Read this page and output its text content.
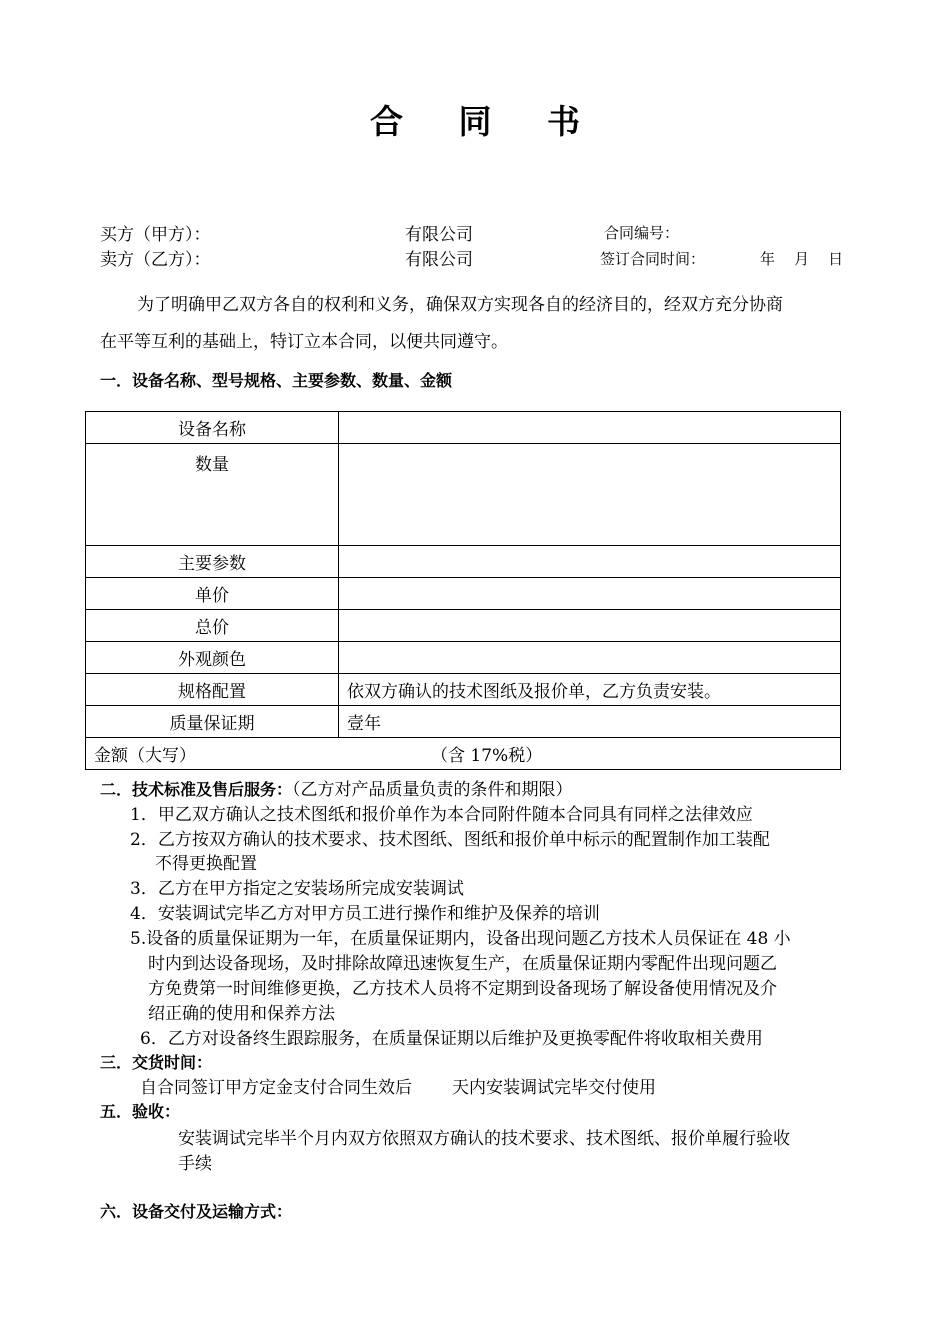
合 同 书
买方（甲方）：	有限公司	合同编号：
卖方（乙方）：	有限公司	签订合同时间：	年    月    日
为了明确甲乙双方各自的权利和义务，确保双方实现各自的经济目的，经双方充分协商
在平等互利的基础上，特订立本合同，以便共同遵守。
一．设备名称、型号规格、主要参数、数量、金额
设备名称	
数量	
主要参数	
单价	
总价	
外观颜色	
规格配置	依双方确认的技术图纸及报价单，乙方负责安装。
质量保证期	壹年
金额（大写） （含 17%税）	
二．技术标准及售后服务：（乙方对产品质量负责的条件和期限）
1．甲乙双方确认之技术图纸和报价单作为本合同附件随本合同具有同样之法律效应
2．乙方按双方确认的技术要求、技术图纸、图纸和报价单中标示的配置制作加工装配
不得更换配置
3．乙方在甲方指定之安装场所完成安装调试
4．安装调试完毕乙方对甲方员工进行操作和维护及保养的培训
5.设备的质量保证期为一年，在质量保证期内，设备出现问题乙方技术人员保证在 48 小
时内到达设备现场，及时排除故障迅速恢复生产，在质量保证期内零配件出现问题乙
方免费第一时间维修更换，乙方技术人员将不定期到设备现场了解设备使用情况及介
绍正确的使用和保养方法
6．乙方对设备终生跟踪服务，在质量保证期以后维护及更换零配件将收取相关费用
三．交货时间：
自合同签订甲方定金支付合同生效后 天内安装调试完毕交付使用
五．验收：
安装调试完毕半个月内双方依照双方确认的技术要求、技术图纸、报价单履行验收
手续
六．设备交付及运输方式：
